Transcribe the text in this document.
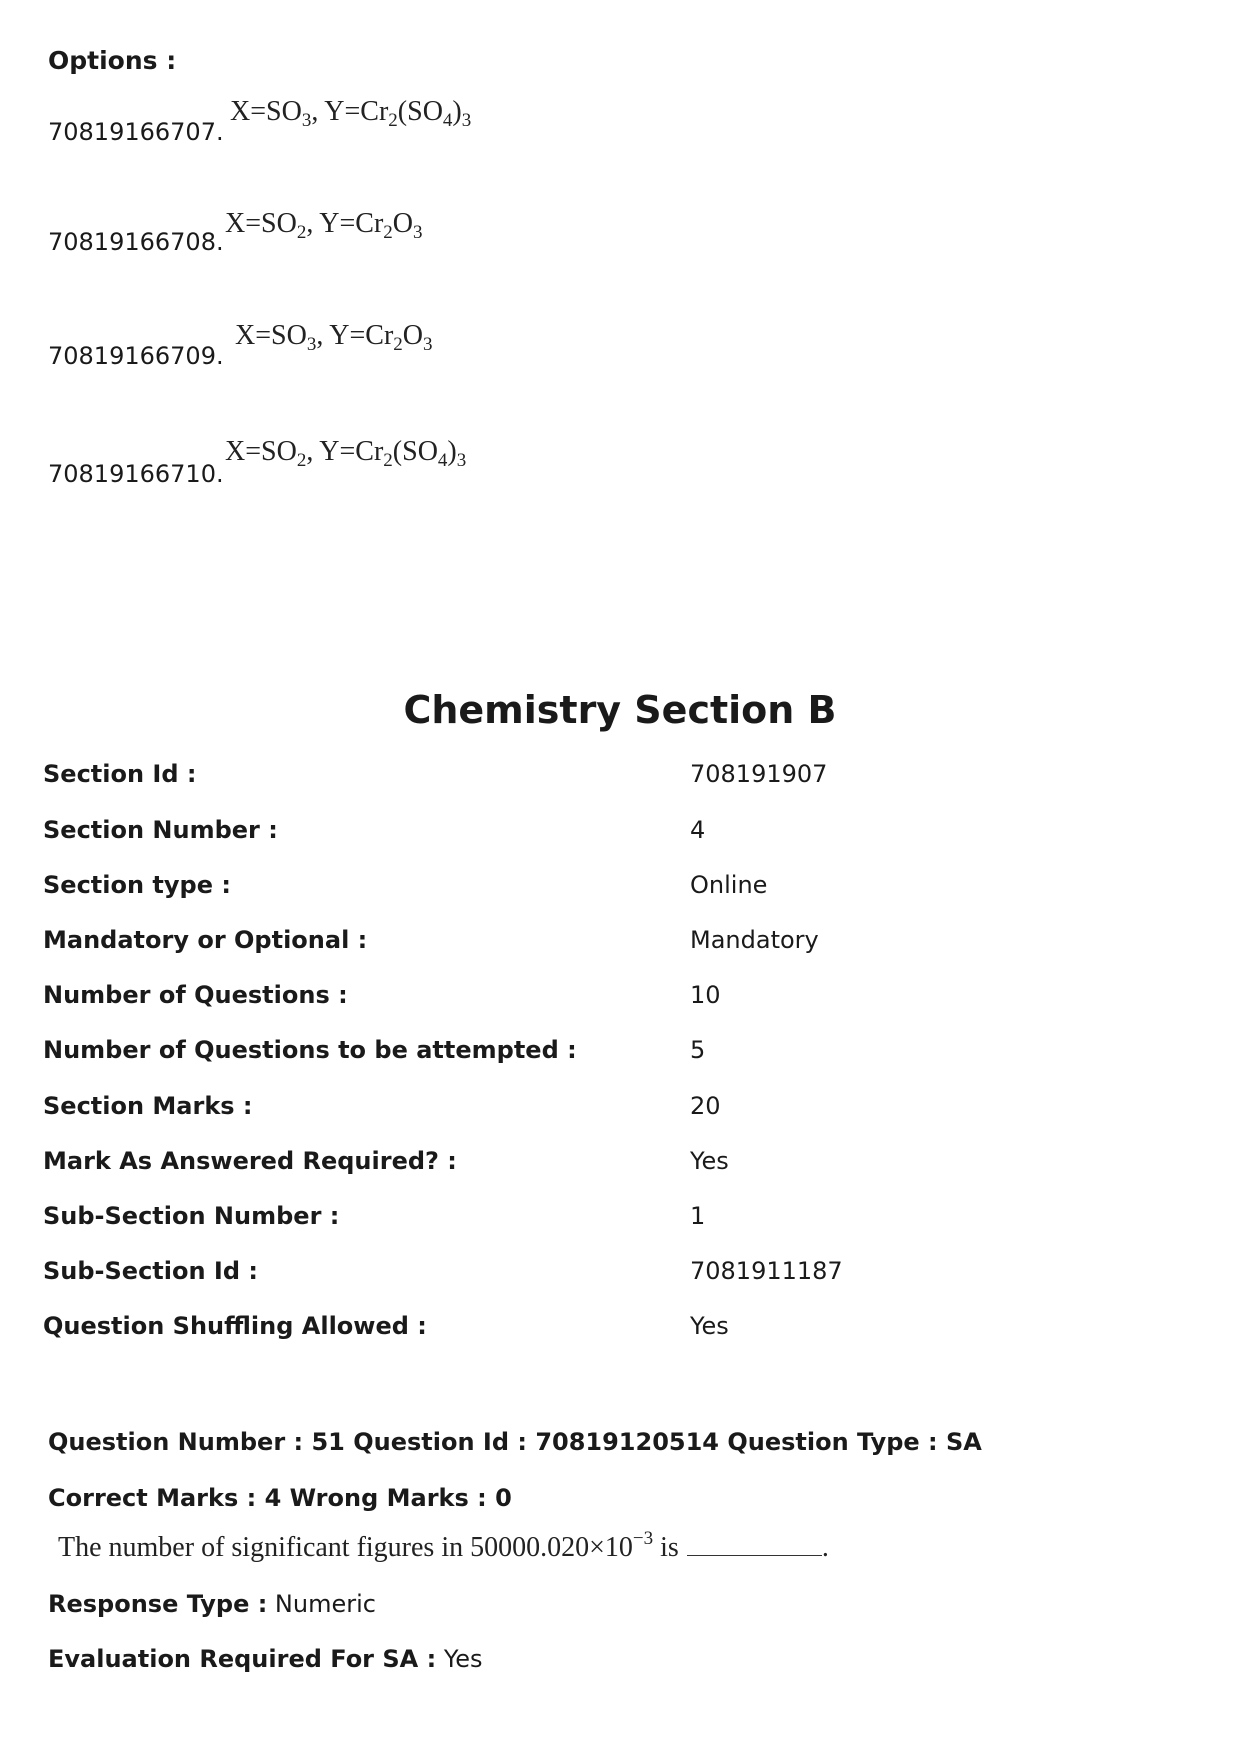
Options :
70819166707.
$X=SO_3$, $Y=Cr_2(SO_4)_3$
70819166708.
$X=SO_2$, $Y=Cr_2O_3$
70819166709.
$X=SO_3$, $Y=Cr_2O_3$
70819166710.
$X=SO_2$, $Y=Cr_2(SO_4)_3$
Chemistry Section B
Section Id :	708191907
Section Number :	4
Section type :	Online
Mandatory or Optional :	Mandatory
Number of Questions :	10
Number of Questions to be attempted :	5
Section Marks :	20
Mark As Answered Required? :	Yes
Sub-Section Number :	1
Sub-Section Id :	7081911187
Question Shuffling Allowed :	Yes
Question Number : 51 Question Id : 70819120514 Question Type : SA
Correct Marks : 4 Wrong Marks : 0
The number of significant figures in $50000.020\times 10^{-3}$ is	.
Response Type : Numeric
Evaluation Required For SA : Yes
